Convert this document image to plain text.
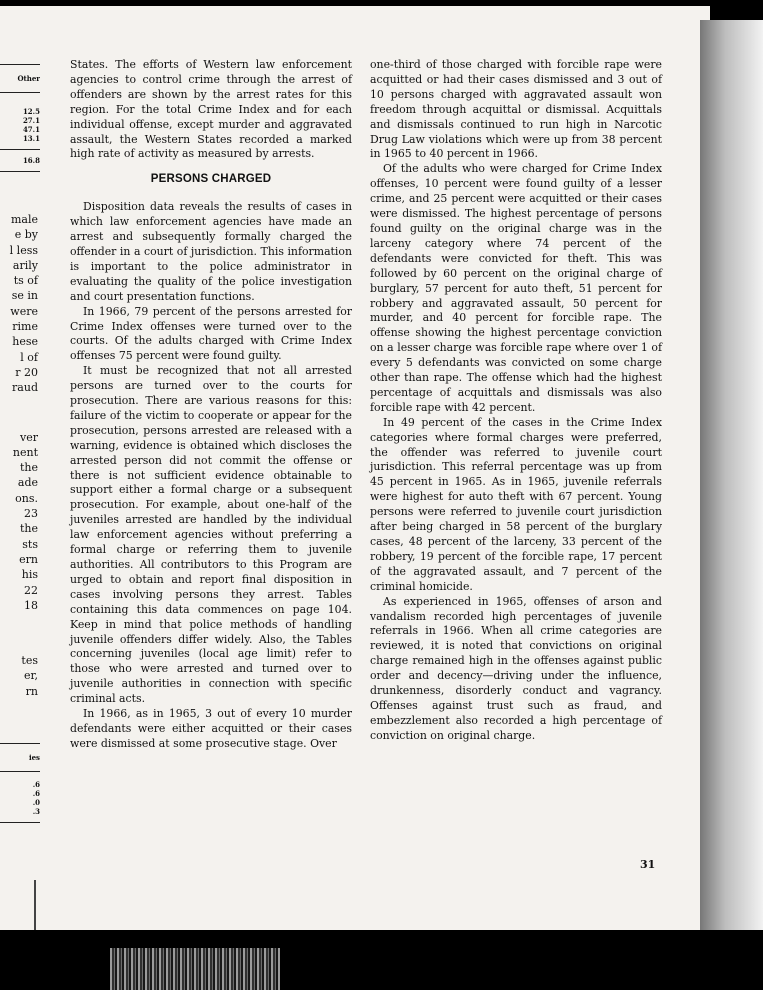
Other
12.5
27.1
47.1
13.1
16.8
male
e by
l less
arily
ts of
se in
were
rime
hese
l of
r 20
raud
ver
nent
the
ade
ons.
23
the
sts
ern
his
22
18
tes
er,
rn
ies
.6
.6
.0
.3

States. The efforts of Western law enforcement agencies to control crime through the arrest of offenders are shown by the arrest rates for this region. For the total Crime Index and for each individual offense, except murder and aggravated assault, the Western States recorded a marked high rate of activity as measured by arrests.

PERSONS CHARGED

Disposition data reveals the results of cases in which law enforcement agencies have made an arrest and subsequently formally charged the offender in a court of jurisdiction. This information is important to the police administrator in evaluating the quality of the police investigation and court presentation functions.

In 1966, 79 percent of the persons arrested for Crime Index offenses were turned over to the courts. Of the adults charged with Crime Index offenses 75 percent were found guilty.

It must be recognized that not all arrested persons are turned over to the courts for prosecution. There are various reasons for this: failure of the victim to cooperate or appear for the prosecution, persons arrested are released with a warning, evidence is obtained which discloses the arrested person did not commit the offense or there is not sufficient evidence obtainable to support either a formal charge or a subsequent prosecution. For example, about one-half of the juveniles arrested are handled by the individual law enforcement agencies without preferring a formal charge or referring them to juvenile authorities. All contributors to this Program are urged to obtain and report final disposition in cases involving persons they arrest. Tables containing this data commences on page 104. Keep in mind that police methods of handling juvenile offenders differ widely. Also, the Tables concerning juveniles (local age limit) refer to those who were arrested and turned over to juvenile authorities in connection with specific criminal acts.

In 1966, as in 1965, 3 out of every 10 murder defendants were either acquitted or their cases were dismissed at some prosecutive stage. Over

one-third of those charged with forcible rape were acquitted or had their cases dismissed and 3 out of 10 persons charged with aggravated assault won freedom through acquittal or dismissal. Acquittals and dismissals continued to run high in Narcotic Drug Law violations which were up from 38 percent in 1965 to 40 percent in 1966.

Of the adults who were charged for Crime Index offenses, 10 percent were found guilty of a lesser crime, and 25 percent were acquitted or their cases were dismissed. The highest percentage of persons found guilty on the original charge was in the larceny category where 74 percent of the defendants were convicted for theft. This was followed by 60 percent on the original charge of burglary, 57 percent for auto theft, 51 percent for robbery and aggravated assault, 50 percent for murder, and 40 percent for forcible rape. The offense showing the highest percentage conviction on a lesser charge was forcible rape where over 1 of every 5 defendants was convicted on some charge other than rape. The offense which had the highest percentage of acquittals and dismissals was also forcible rape with 42 percent.

In 49 percent of the cases in the Crime Index categories where formal charges were preferred, the offender was referred to juvenile court jurisdiction. This referral percentage was up from 45 percent in 1965. As in 1965, juvenile referrals were highest for auto theft with 67 percent. Young persons were referred to juvenile court jurisdiction after being charged in 58 percent of the burglary cases, 48 percent of the larceny, 33 percent of the robbery, 19 percent of the forcible rape, 17 percent of the aggravated assault, and 7 percent of the criminal homicide.

As experienced in 1965, offenses of arson and vandalism recorded high percentages of juvenile referrals in 1966. When all crime categories are reviewed, it is noted that convictions on original charge remained high in the offenses against public order and decency—driving under the influence, drunkenness, disorderly conduct and vagrancy. Offenses against trust such as fraud, and embezzlement also recorded a high percentage of conviction on original charge.

31
